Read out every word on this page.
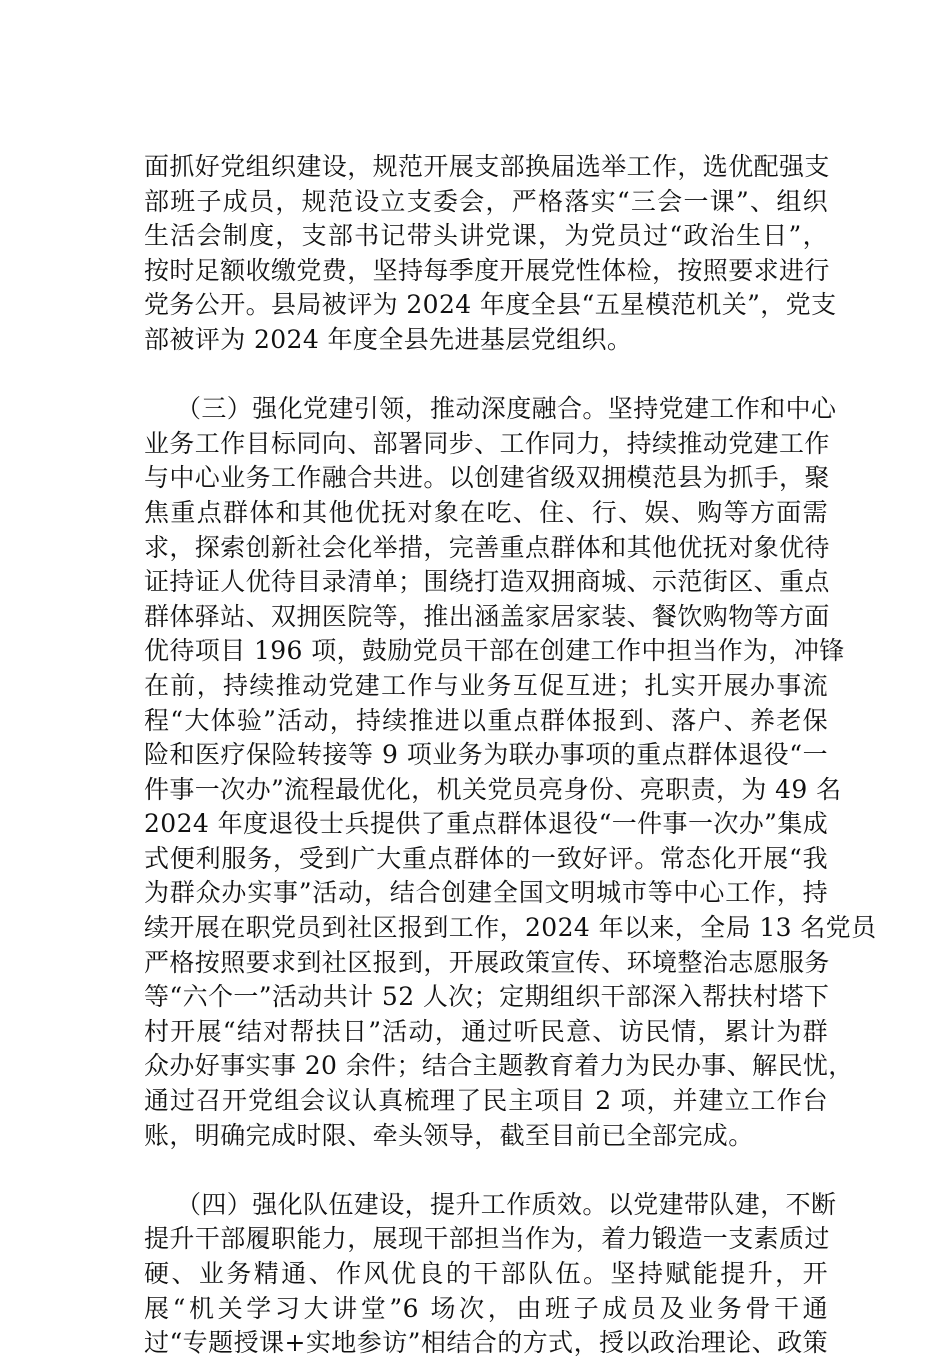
面抓好党组织建设，规范开展支部换届选举工作，选优配强支
部班子成员，规范设立支委会，严格落实“三会一课”、组织
生活会制度，支部书记带头讲党课，为党员过“政治生日”，
按时足额收缴党费，坚持每季度开展党性体检，按照要求进行
党务公开。县局被评为 2024 年度全县“五星模范机关”，党支
部被评为 2024 年度全县先进基层党组织。
（三）强化党建引领，推动深度融合。坚持党建工作和中心
业务工作目标同向、部署同步、工作同力，持续推动党建工作
与中心业务工作融合共进。以创建省级双拥模范县为抓手，聚
焦重点群体和其他优抚对象在吃、住、行、娱、购等方面需
求，探索创新社会化举措，完善重点群体和其他优抚对象优待
证持证人优待目录清单；围绕打造双拥商城、示范街区、重点
群体驿站、双拥医院等，推出涵盖家居家装、餐饮购物等方面
优待项目 196 项，鼓励党员干部在创建工作中担当作为，冲锋
在前，持续推动党建工作与业务互促互进；扎实开展办事流
程“大体验”活动，持续推进以重点群体报到、落户、养老保
险和医疗保险转接等 9 项业务为联办事项的重点群体退役“一
件事一次办”流程最优化，机关党员亮身份、亮职责，为 49 名
2024 年度退役士兵提供了重点群体退役“一件事一次办”集成
式便利服务，受到广大重点群体的一致好评。常态化开展“我
为群众办实事”活动，结合创建全国文明城市等中心工作，持
续开展在职党员到社区报到工作，2024 年以来，全局 13 名党员
严格按照要求到社区报到，开展政策宣传、环境整治志愿服务
等“六个一”活动共计 52 人次；定期组织干部深入帮扶村塔下
村开展“结对帮扶日”活动，通过听民意、访民情，累计为群
众办好事实事 20 余件；结合主题教育着力为民办事、解民忧，
通过召开党组会议认真梳理了民主项目 2 项，并建立工作台
账，明确完成时限、牵头领导，截至目前已全部完成。
（四）强化队伍建设，提升工作质效。以党建带队建，不断
提升干部履职能力，展现干部担当作为，着力锻造一支素质过
硬、业务精通、作风优良的干部队伍。坚持赋能提升，开
展“机关学习大讲堂”6 场次，由班子成员及业务骨干通
过“专题授课+实地参访”相结合的方式，授以政治理论、政策
